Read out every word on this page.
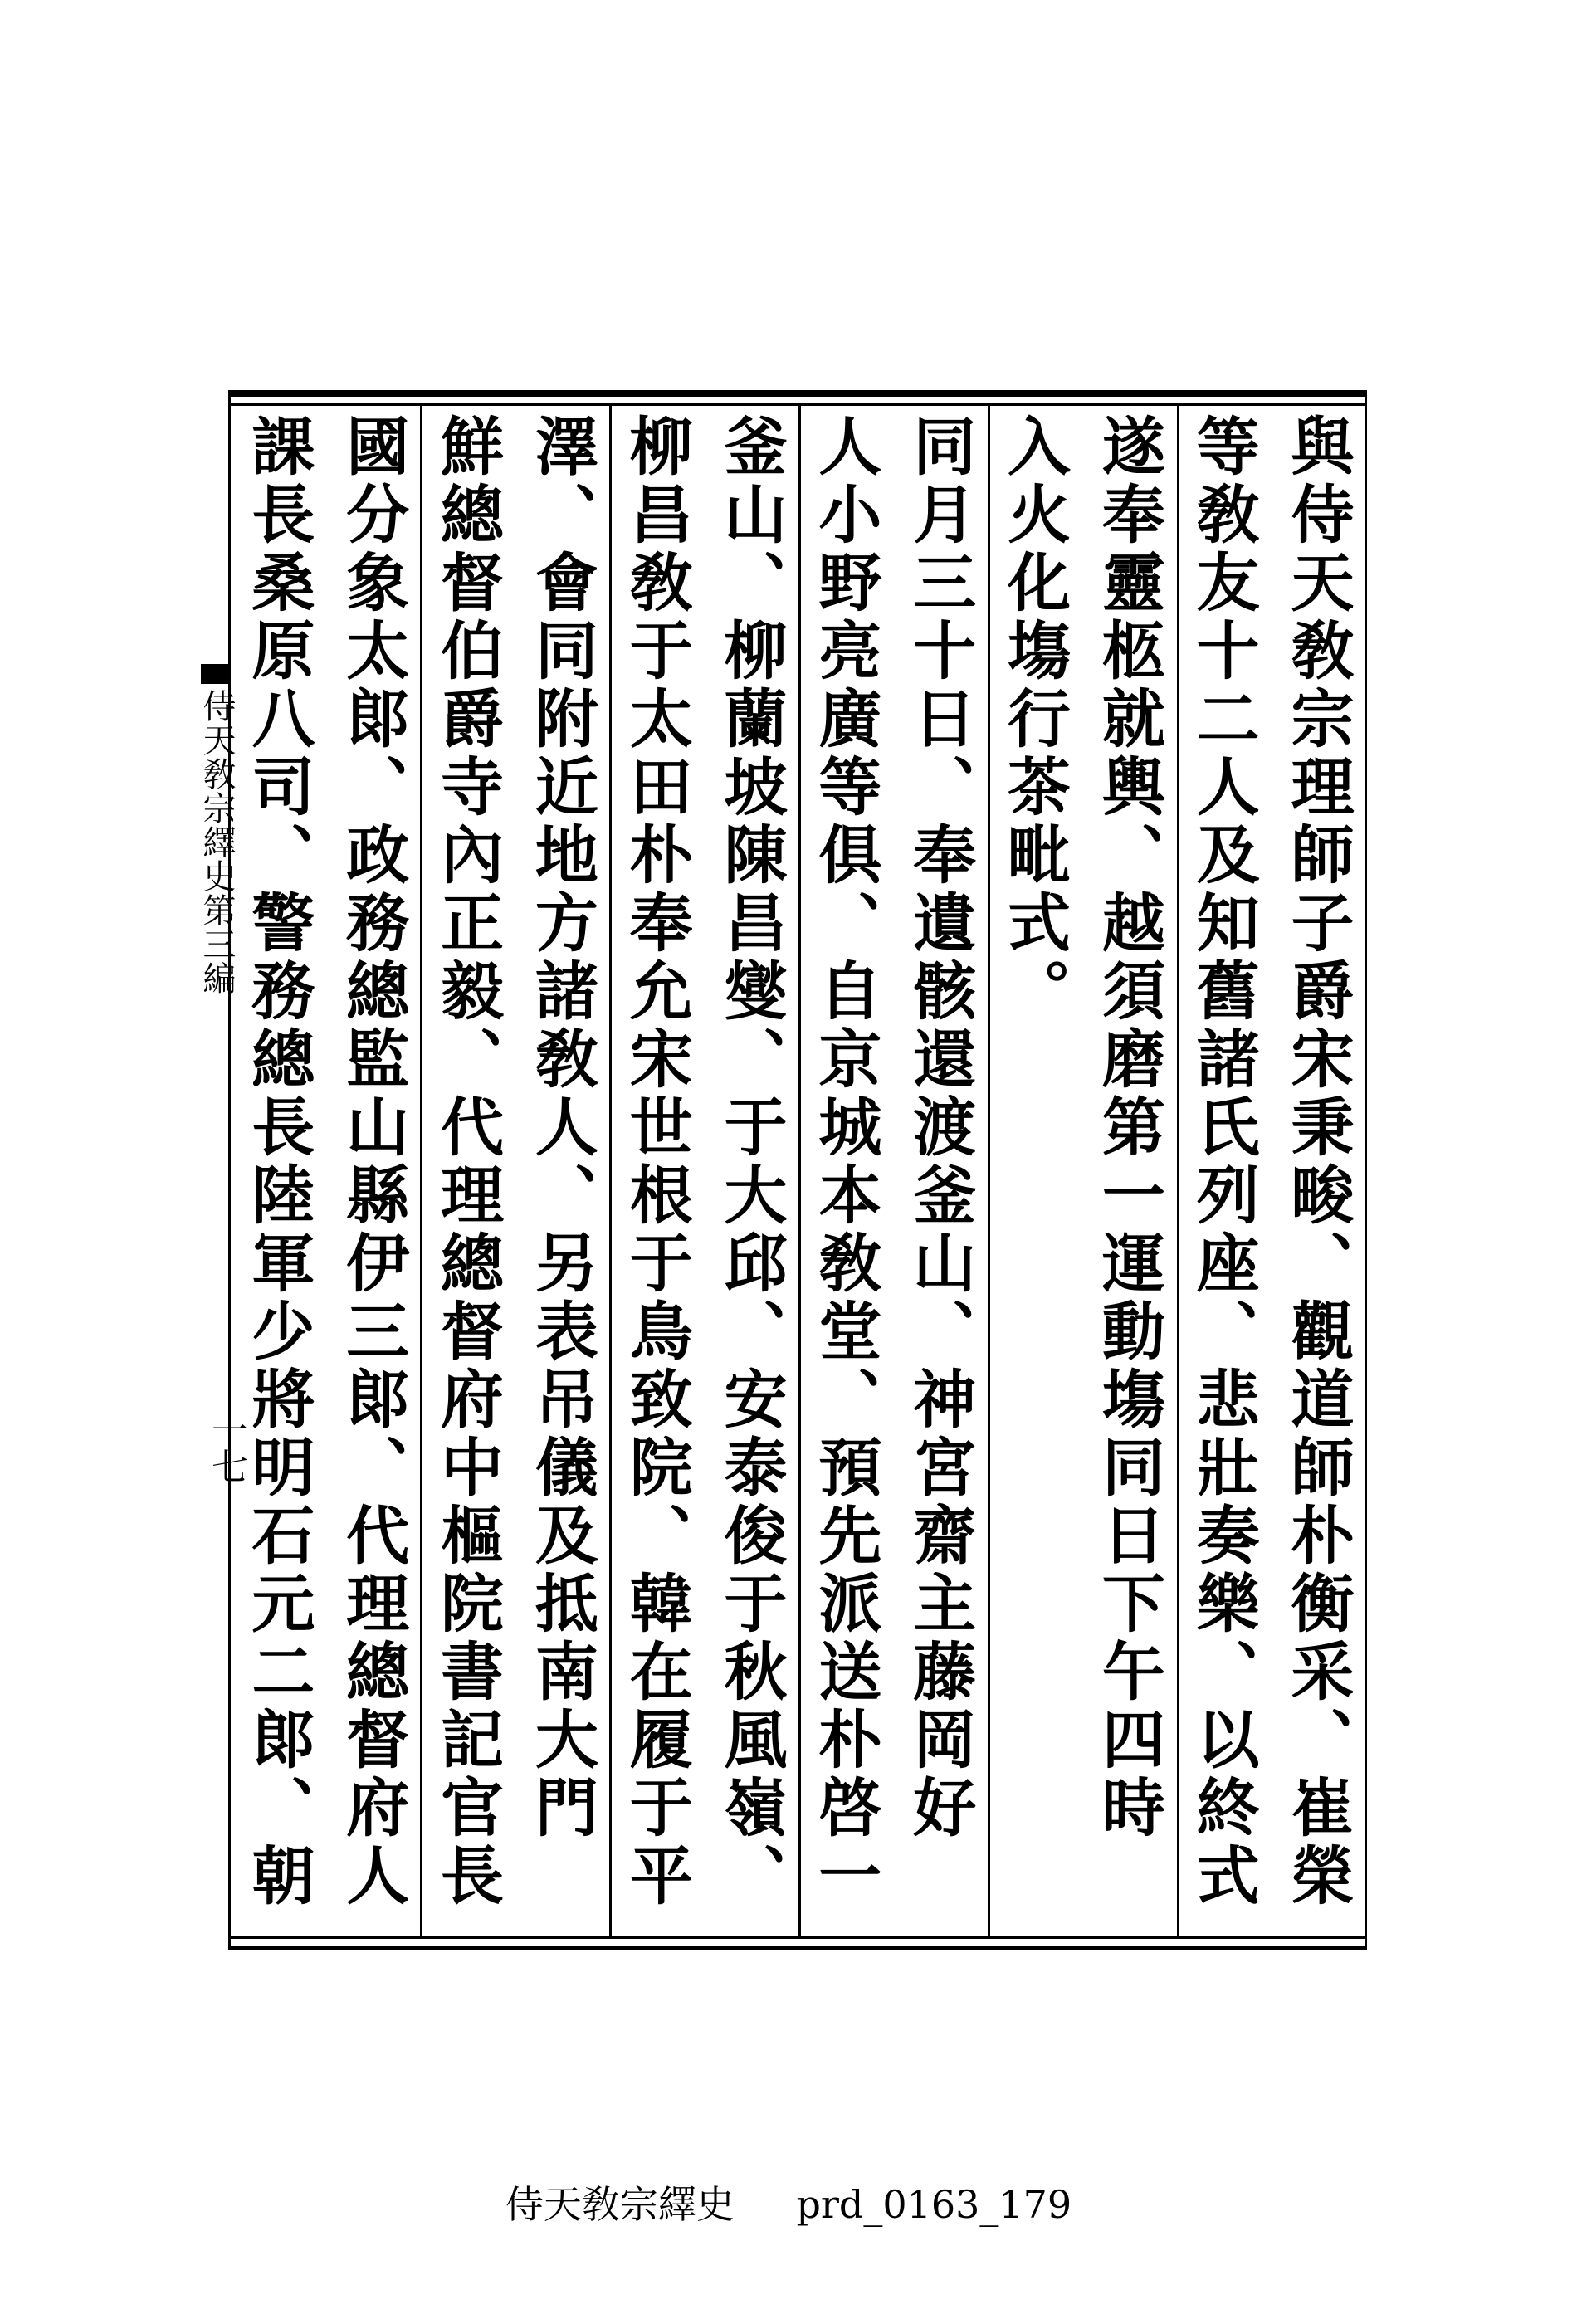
與侍天敎宗理師子爵宋秉畯、觀道師朴衡采、崔榮
等敎友十二人及知舊諸氏列座、悲壯奏樂、以終式
遂奉靈柩就輿、越須磨第一運動塲同日下午四時
入火化塲行茶毗式。
同月三十日、奉遺骸還渡釜山、神宮齋主藤岡好
人小野亮廣等俱、自京城本敎堂、預先派送朴啓一
釜山、柳蘭坡陳昌燮、于大邱、安泰俊于秋風嶺、
柳昌敎于太田朴奉允宋世根于鳥致院、韓在履于平
澤、會同附近地方諸敎人、另表吊儀及抵南大門
鮮總督伯爵寺內正毅、代理總督府中樞院書記官長
國分象太郞、政務總監山縣伊三郞、代理總督府人
課長桑原八司、警務總長陸軍少將明石元二郞、朝
侍天敎宗繹史第三編
一七
侍天敎宗繹史 prd_0163_179
